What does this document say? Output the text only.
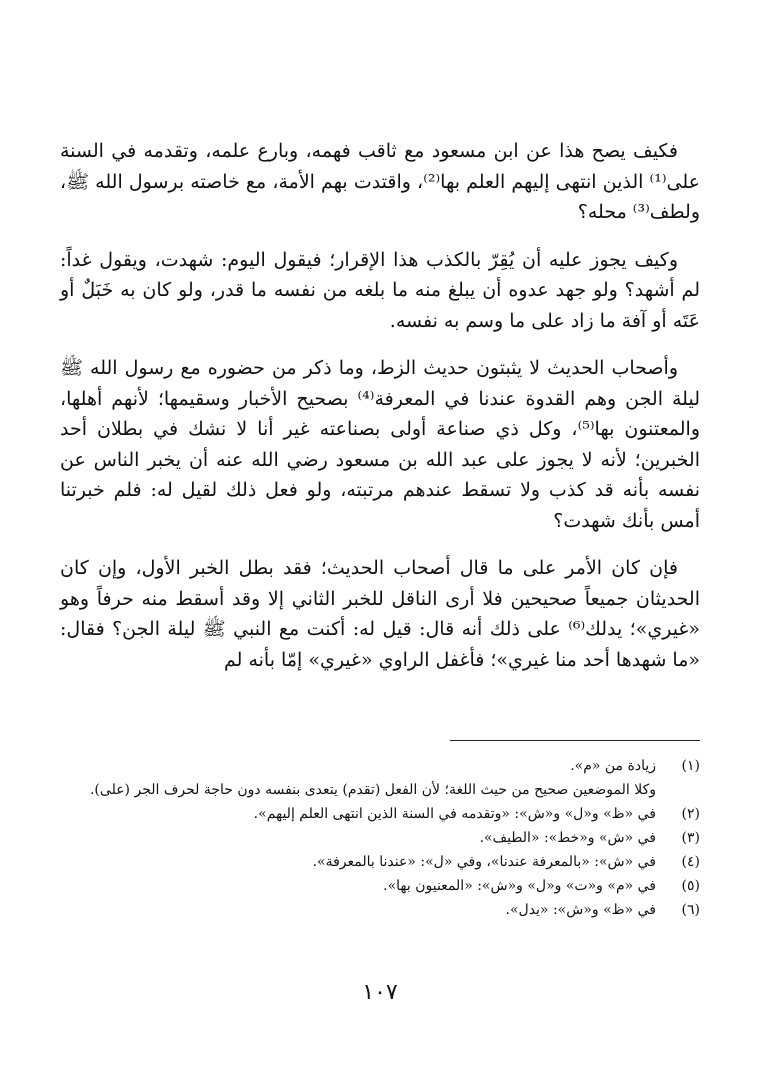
فكيف يصح هذا عن ابن مسعود مع ثاقب فهمه، وبارع علمه، وتقدمه في السنة على⁽¹⁾ الذين انتهى إليهم العلم بها⁽²⁾، واقتدت بهم الأمة، مع خاصته برسول الله ﷺ، ولطف⁽³⁾ محله؟

وكيف يجوز عليه أن يُقِرّ بالكذب هذا الإقرار؛ فيقول اليوم: شهدت، ويقول غداً: لم أشهد؟ ولو جهد عدوه أن يبلغ منه ما بلغه من نفسه ما قدر، ولو كان به خَبَلٌ أو عَتَه أو آفة ما زاد على ما وسم به نفسه.

وأصحاب الحديث لا يثبتون حديث الزط، وما ذكر من حضوره مع رسول الله ﷺ ليلة الجن وهم القدوة عندنا في المعرفة⁽⁴⁾ بصحيح الأخبار وسقيمها؛ لأنهم أهلها، والمعتنون بها⁽⁵⁾، وكل ذي صناعة أولى بصناعته غير أنا لا نشك في بطلان أحد الخبرين؛ لأنه لا يجوز على عبد الله بن مسعود رضي الله عنه أن يخبر الناس عن نفسه بأنه قد كذب ولا تسقط عندهم مرتبته، ولو فعل ذلك لقيل له: فلم خبرتنا أمس بأنك شهدت؟

فإن كان الأمر على ما قال أصحاب الحديث؛ فقد بطل الخبر الأول، وإن كان الحديثان جميعاً صحيحين فلا أرى الناقل للخبر الثاني إلا وقد أسقط منه حرفاً وهو «غيري»؛ يدلك⁽⁶⁾ على ذلك أنه قال: قيل له: أكنت مع النبي ﷺ ليلة الجن؟ فقال: «ما شهدها أحد منا غيري»؛ فأغفل الراوي «غيري» إمّا بأنه لم

(١)
زيادة من «م».
وكلا الموضعين صحيح من حيث اللغة؛ لأن الفعل (تقدم) يتعدى بنفسه دون حاجة لحرف الجر (على).
(٢)
في «ظ» و«ل» و«ش»: «وتقدمه في السنة الذين انتهى العلم إليهم».
(٣)
في «ش» و«خط»: «الطيف».
(٤)
في «ش»: «بالمعرفة عندنا»، وفي «ل»: «عندنا بالمعرفة».
(٥)
في «م» و«ت» و«ل» و«ش»: «المعنيون بها».
(٦)
في «ظ» و«ش»: «يدل».
١٠٧
